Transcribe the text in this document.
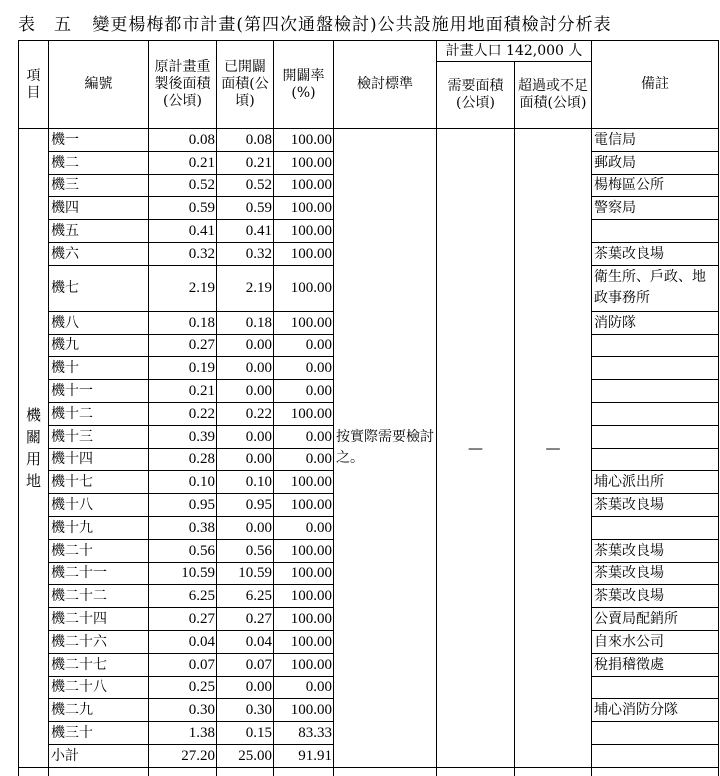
表　五 變更楊梅都市計畫(第四次通盤檢討)公共設施用地面積檢討分析表
項目	編號	原計畫重製後面積(公頃)	已開闢面積(公頃)	開闢率(%)	檢討標準	計畫人口 142,000 人		備註
						需要面積(公頃)	超過或不足面積(公頃)	
機關用地	機一	0.08	0.08	100.00	按實際需要檢討之。	—	—	電信局
	機二	0.21	0.21	100.00				郵政局
	機三	0.52	0.52	100.00				楊梅區公所
	機四	0.59	0.59	100.00				警察局
	機五	0.41	0.41	100.00				
	機六	0.32	0.32	100.00				茶葉改良場
	機七	2.19	2.19	100.00				衛生所、戶政、地政事務所
	機八	0.18	0.18	100.00				消防隊
	機九	0.27	0.00	0.00				
	機十	0.19	0.00	0.00				
	機十一	0.21	0.00	0.00				
	機十二	0.22	0.22	100.00				
	機十三	0.39	0.00	0.00				
	機十四	0.28	0.00	0.00				
	機十七	0.10	0.10	100.00				埔心派出所
	機十八	0.95	0.95	100.00				茶葉改良場
	機十九	0.38	0.00	0.00				
	機二十	0.56	0.56	100.00				茶葉改良場
	機二十一	10.59	10.59	100.00				茶葉改良場
	機二十二	6.25	6.25	100.00				茶葉改良場
	機二十四	0.27	0.27	100.00				公賣局配銷所
	機二十六	0.04	0.04	100.00				自來水公司
	機二十七	0.07	0.07	100.00				稅捐稽徵處
	機二十八	0.25	0.00	0.00				
	機二九	0.30	0.30	100.00				埔心消防分隊
	機三十	1.38	0.15	83.33				
	小計	27.20	25.00	91.91				
